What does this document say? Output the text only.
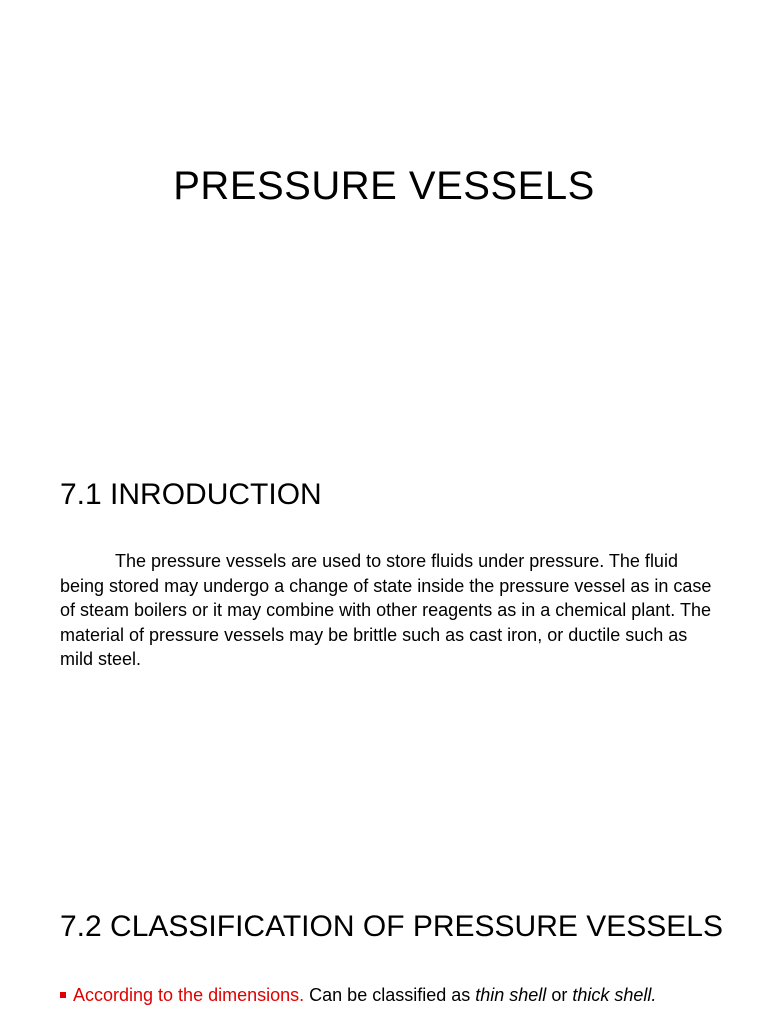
PRESSURE VESSELS
7.1 INRODUCTION

The pressure vessels are used to store fluids under pressure. The fluid being stored may undergo a change of state inside the pressure vessel as in case of steam boilers or it may combine with other reagents as in a chemical plant. The material of pressure vessels may be brittle such as cast iron, or ductile such as mild steel.

7.2 CLASSIFICATION OF PRESSURE VESSELS

According to the dimensions. Can be classified as thin shell or thick shell.
